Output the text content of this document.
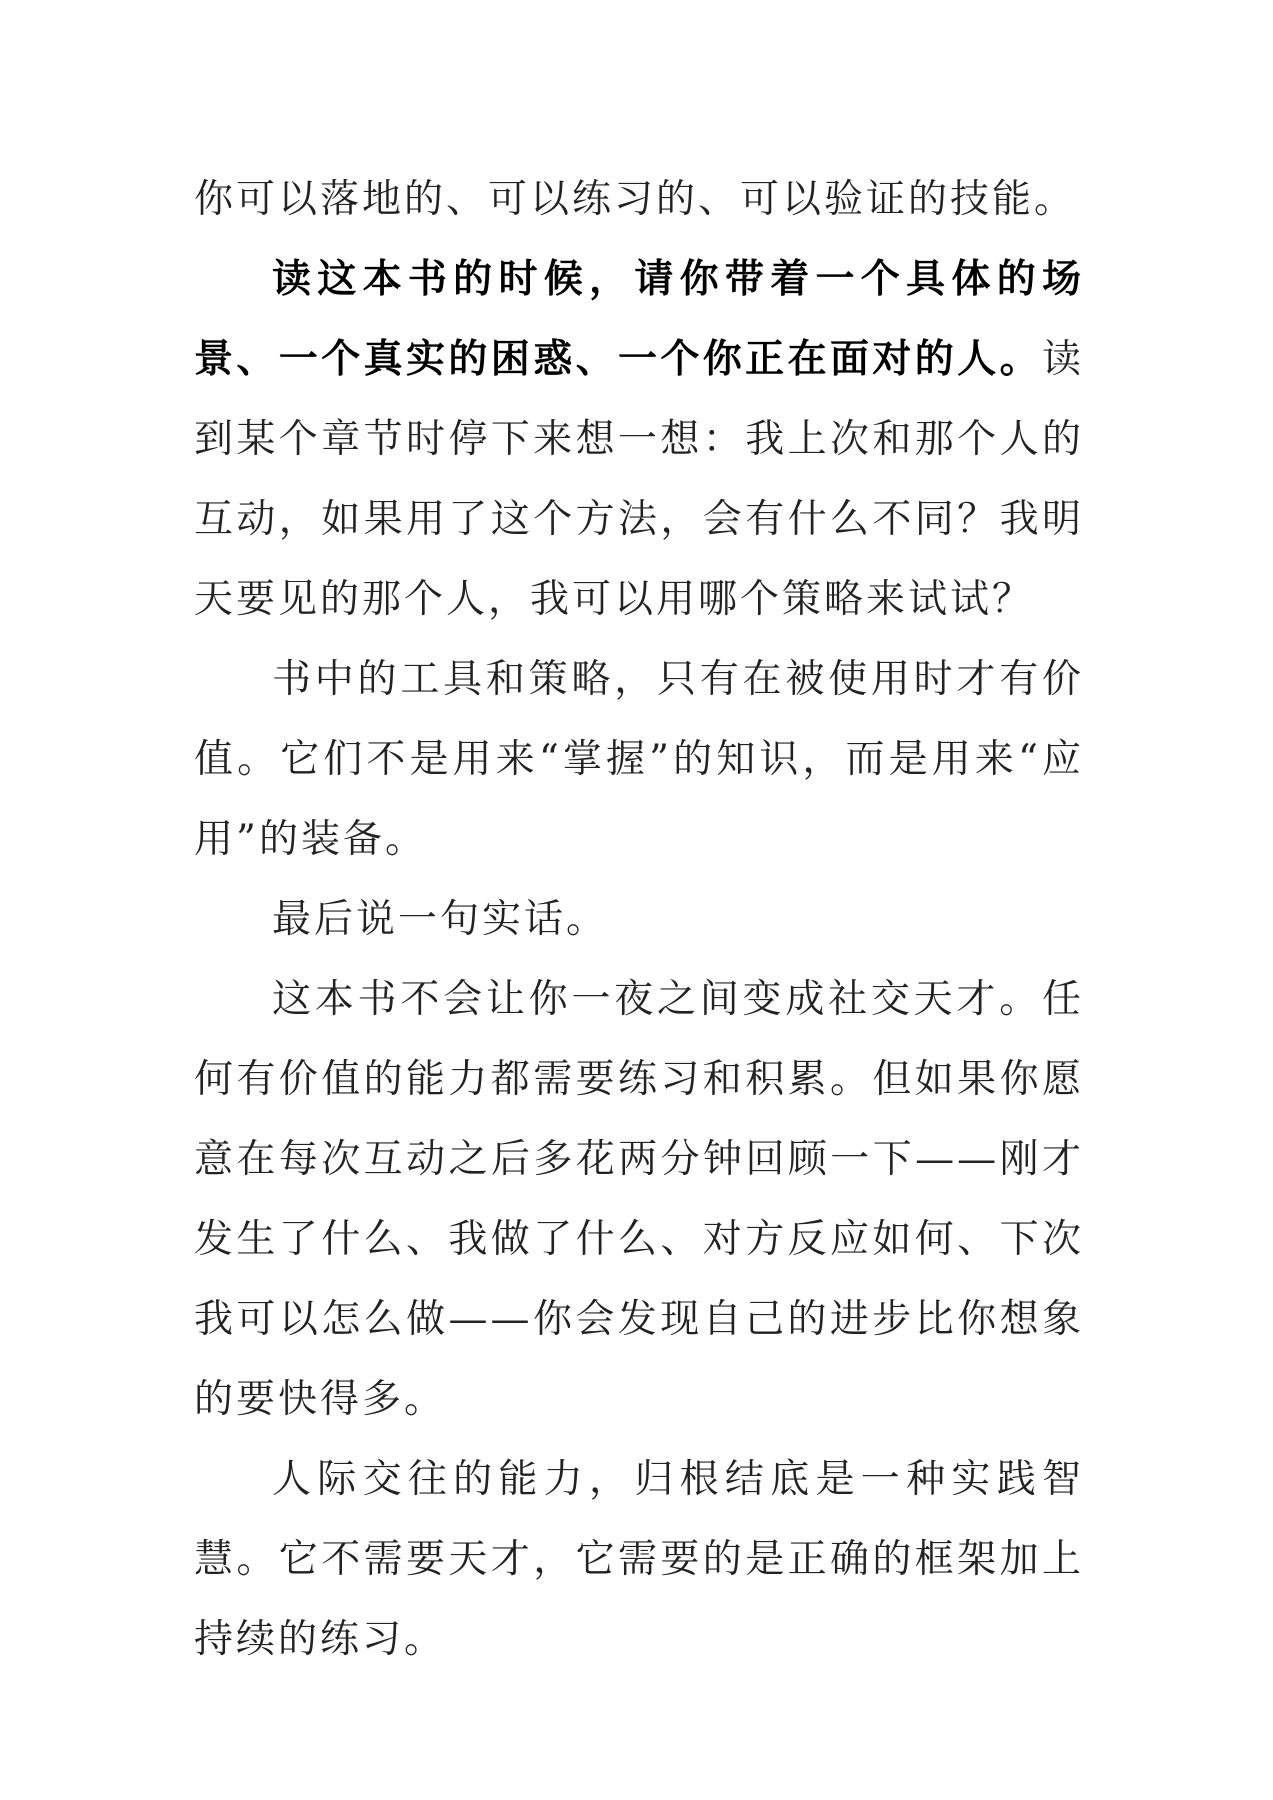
你可以落地的、可以练习的、可以验证的技能。

读这本书的时候，请你带着一个具体的场景、一个真实的困惑、一个你正在面对的人。读到某个章节时停下来想一想：我上次和那个人的互动，如果用了这个方法，会有什么不同？我明天要见的那个人，我可以用哪个策略来试试？

书中的工具和策略，只有在被使用时才有价值。它们不是用来“掌握”的知识，而是用来“应用”的装备。

最后说一句实话。

这本书不会让你一夜之间变成社交天才。任何有价值的能力都需要练习和积累。但如果你愿意在每次互动之后多花两分钟回顾一下——刚才发生了什么、我做了什么、对方反应如何、下次我可以怎么做——你会发现自己的进步比你想象的要快得多。

人际交往的能力，归根结底是一种实践智慧。它不需要天才，它需要的是正确的框架加上持续的练习。
